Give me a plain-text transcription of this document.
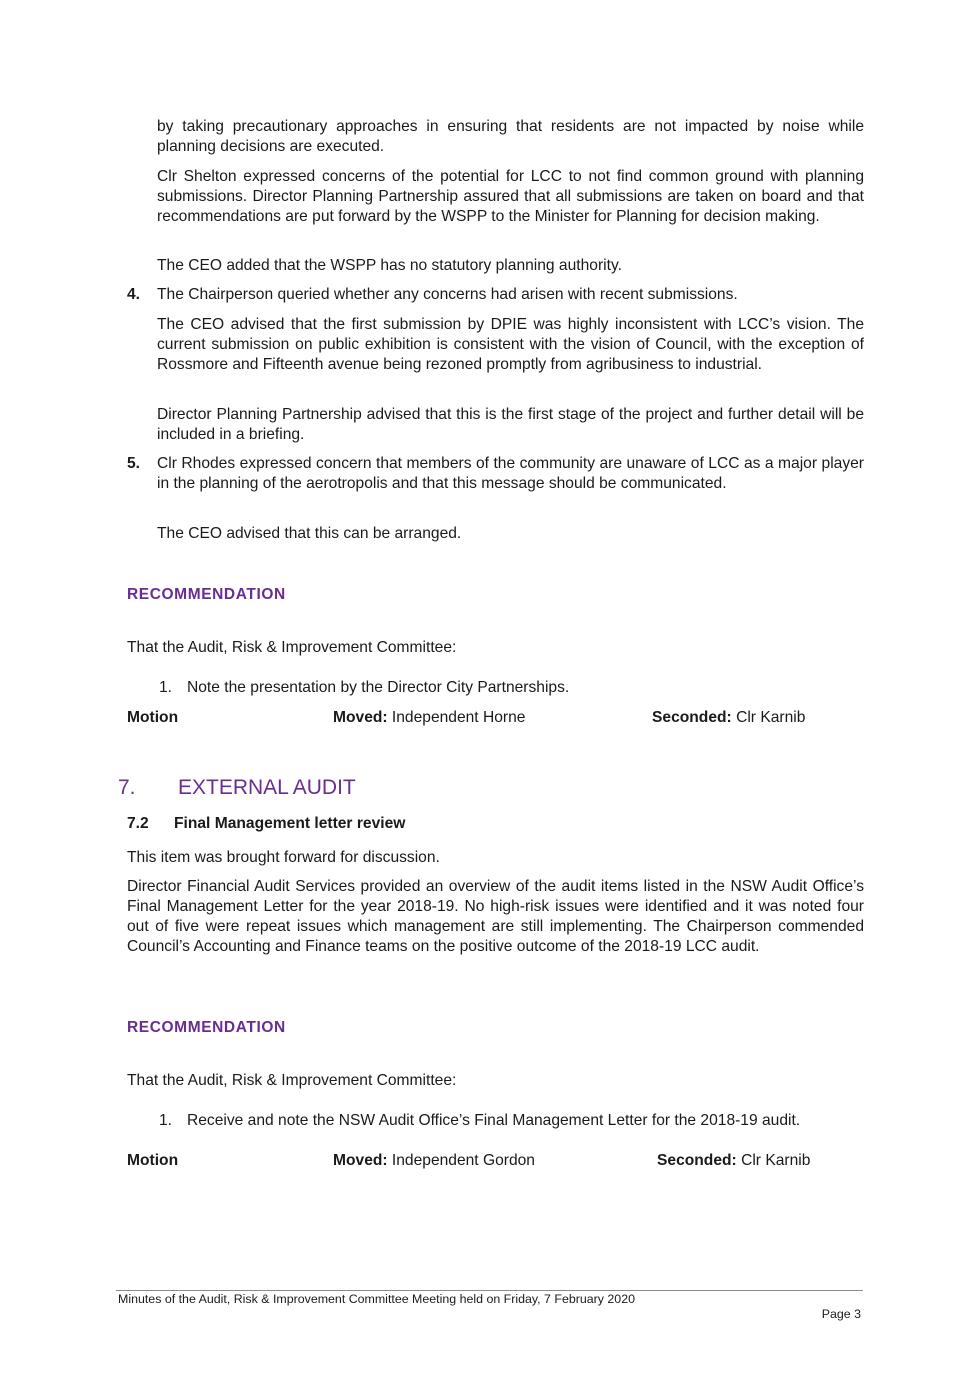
by taking precautionary approaches in ensuring that residents are not impacted by noise while planning decisions are executed.

Clr Shelton expressed concerns of the potential for LCC to not find common ground with planning submissions. Director Planning Partnership assured that all submissions are taken on board and that recommendations are put forward by the WSPP to the Minister for Planning for decision making.

The CEO added that the WSPP has no statutory planning authority.

4. The Chairperson queried whether any concerns had arisen with recent submissions.

The CEO advised that the first submission by DPIE was highly inconsistent with LCC’s vision. The current submission on public exhibition is consistent with the vision of Council, with the exception of Rossmore and Fifteenth avenue being rezoned promptly from agribusiness to industrial.

Director Planning Partnership advised that this is the first stage of the project and further detail will be included in a briefing.

5. Clr Rhodes expressed concern that members of the community are unaware of LCC as a major player in the planning of the aerotropolis and that this message should be communicated.

The CEO advised that this can be arranged.

RECOMMENDATION

That the Audit, Risk & Improvement Committee:

1. Note the presentation by the Director City Partnerships.

Motion	Moved: Independent Horne	Seconded: Clr Karnib
7. EXTERNAL AUDIT
7.2 Final Management letter review

This item was brought forward for discussion.

Director Financial Audit Services provided an overview of the audit items listed in the NSW Audit Office’s Final Management Letter for the year 2018-19. No high-risk issues were identified and it was noted four out of five were repeat issues which management are still implementing. The Chairperson commended Council’s Accounting and Finance teams on the positive outcome of the 2018-19 LCC audit.

RECOMMENDATION

That the Audit, Risk & Improvement Committee:

1. Receive and note the NSW Audit Office’s Final Management Letter for the 2018-19 audit.

Motion	Moved: Independent Gordon	Seconded: Clr Karnib

Minutes of the Audit, Risk & Improvement Committee Meeting held on Friday, 7 February 2020

Page 3
